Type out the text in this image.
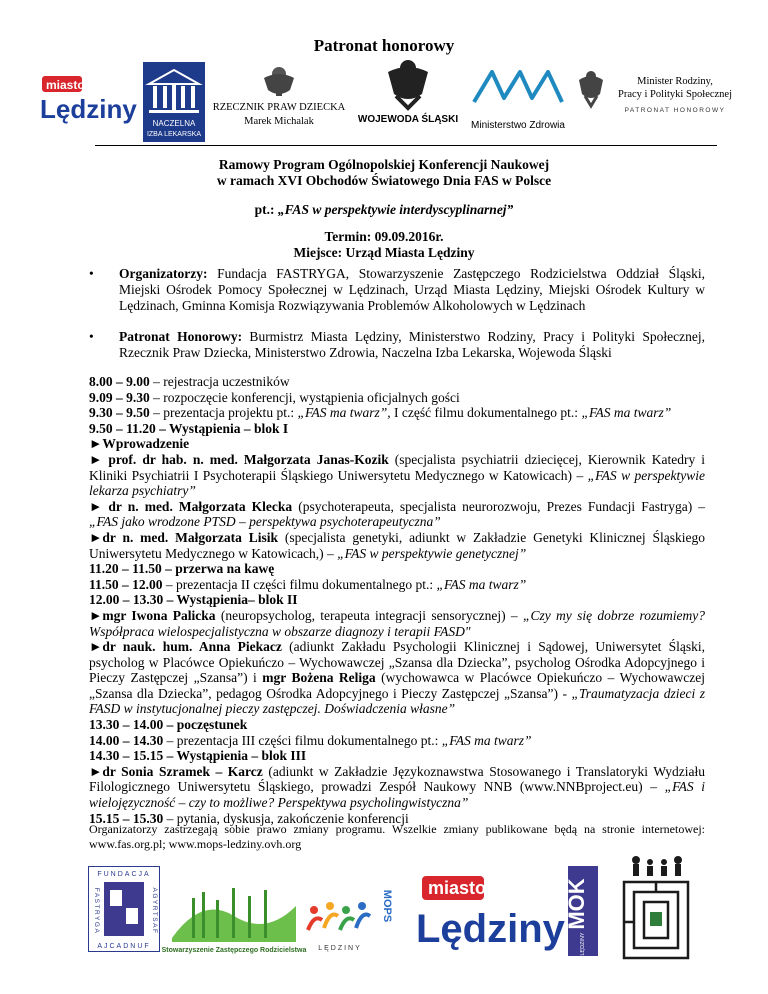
Patronat honorowy
miasto
Lędziny NACZELNA
IZBA LEKARSKA
RZECZNIK PRAW DZIECKA
Marek Michalak	WOJEWODA ŚLĄSKI
Ministerstwo Zdrowia
Minister Rodziny,
Pracy i Polityki Społecznej
PATRONAT HONOROWY
Ramowy Program Ogólnopolskiej Konferencji Naukowej
w ramach XVI Obchodów Światowego Dnia FAS w Polsce
pt.: „FAS w perspektywie interdyscyplinarnej”
Termin: 09.09.2016r.
Miejsce: Urząd Miasta Lędziny
• Organizatorzy: Fundacja FASTRYGA, Stowarzyszenie Zastępczego Rodzicielstwa Oddział Śląski, Miejski Ośrodek Pomocy Społecznej w Lędzinach, Urząd Miasta Lędziny, Miejski Ośrodek Kultury w Lędzinach, Gminna Komisja Rozwiązywania Problemów Alkoholowych w Lędzinach
• Patronat Honorowy: Burmistrz Miasta Lędziny, Ministerstwo Rodziny, Pracy i Polityki Społecznej, Rzecznik Praw Dziecka, Ministerstwo Zdrowia, Naczelna Izba Lekarska, Wojewoda Śląski

8.00 – 9.00 – rejestracja uczestników

9.09 – 9.30 – rozpoczęcie konferencji, wystąpienia oficjalnych gości

9.30 – 9.50 – prezentacja projektu pt.: „FAS ma twarz”, I część filmu dokumentalnego pt.: „FAS ma twarz”

9.50 – 11.20 – Wystąpienia – blok I

►Wprowadzenie

► prof. dr hab. n. med. Małgorzata Janas-Kozik (specjalista psychiatrii dziecięcej, Kierownik Katedry i Kliniki Psychiatrii I Psychoterapii Śląskiego Uniwersytetu Medycznego w Katowicach) – „FAS w perspektywie lekarza psychiatry”

► dr n. med. Małgorzata Klecka (psychoterapeuta, specjalista neurorozwoju, Prezes Fundacji Fastryga) – „FAS jako wrodzone PTSD – perspektywa psychoterapeutyczna”

►dr n. med. Małgorzata Lisik (specjalista genetyki, adiunkt w Zakładzie Genetyki Klinicznej Śląskiego Uniwersytetu Medycznego w Katowicach,) – „FAS w perspektywie genetycznej”

11.20 – 11.50 – przerwa na kawę

11.50 – 12.00 – prezentacja II części filmu dokumentalnego pt.: „FAS ma twarz”

12.00 – 13.30 – Wystąpienia– blok II

►mgr Iwona Palicka (neuropsycholog, terapeuta integracji sensorycznej) – „Czy my się dobrze rozumiemy? Współpraca wielospecjalistyczna w obszarze diagnozy i terapii FASD"

►dr nauk. hum. Anna Piekacz (adiunkt Zakładu Psychologii Klinicznej i Sądowej, Uniwersytet Śląski, psycholog w Placówce Opiekuńczo – Wychowawczej „Szansa dla Dziecka”, psycholog Ośrodka Adopcyjnego i Pieczy Zastępczej „Szansa”) i mgr Bożena Religa (wychowawca w Placówce Opiekuńczo – Wychowawczej „Szansa dla Dziecka”, pedagog Ośrodka Adopcyjnego i Pieczy Zastępczej „Szansa”) - „Traumatyzacja dzieci z FASD w instytucjonalnej pieczy zastępczej. Doświadczenia własne”

13.30 – 14.00 – poczęstunek

14.00 – 14.30 – prezentacja III części filmu dokumentalnego pt.: „FAS ma twarz”

14.30 – 15.15 – Wystąpienia – blok III

►dr Sonia Szramek – Karcz (adiunkt w Zakładzie Językoznawstwa Stosowanego i Translatoryki Wydziału Filologicznego Uniwersytetu Śląskiego, prowadzi Zespół Naukowy NNB (www.NNBproject.eu) – „FAS i wielojęzyczność – czy to możliwe? Perspektywa psycholingwistyczna”

15.15 – 15.30 – pytania, dyskusja, zakończenie konferencji

Organizatorzy zastrzegają sobie prawo zmiany programu. Wszelkie zmiany publikowane będą na stronie internetowej: www.fas.org.pl; www.mops-ledziny.ovh.org
FUNDACJA
AJCADNUF
FASTRYGA	AGYRTSAF
Stowarzyszenie Zastępczego Rodzicielstwa
MOPS
LĘDZINY
miasto
Lędziny MOK
LĘDZINY
